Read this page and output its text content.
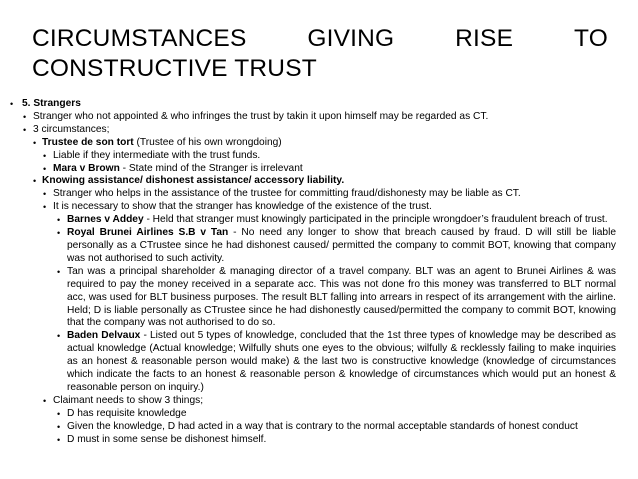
CIRCUMSTANCES GIVING RISE TO
CONSTRUCTIVE TRUST
• 5. Strangers
• Stranger who not appointed & who infringes the trust by takin it upon himself may be regarded as CT.
• 3 circumstances;
• Trustee de son tort (Trustee of his own wrongdoing)
• Liable if they intermediate with the trust funds.
• Mara v Brown - State mind of the Stranger is irrelevant
• Knowing assistance/ dishonest assistance/ accessory liability.
• Stranger who helps in the assistance of the trustee for committing fraud/dishonesty may be liable as CT.
• It is necessary to show that the stranger has knowledge of the existence of the trust.
• Barnes v Addey - Held that stranger must knowingly participated in the principle wrongdoer’s fraudulent breach of trust.
• Royal Brunei Airlines S.B v Tan - No need any longer to show that breach caused by fraud. D will still be liable personally as a CTrustee since he had dishonest caused/ permitted the company to commit BOT, knowing that company was not authorised to such activity.
• Tan was a principal shareholder & managing director of a travel company. BLT was an agent to Brunei Airlines & was required to pay the money received in a separate acc. This was not done fro this money was transferred to BLT normal acc, was used for BLT business purposes. The result BLT falling into arrears in respect of its arrangement with the airline. Held; D is liable personally as CTrustee since he had dishonestly caused/permitted the company to commit BOT, knowing that the company was not authorised to do so.
• Baden Delvaux - Listed out 5 types of knowledge, concluded that the 1st three types of knowledge may be described as actual knowledge (Actual knowledge; Wilfully shuts one eyes to the obvious; wilfully & recklessly failing to make inquiries as an honest & reasonable person would make) & the last two is constructive knowledge (knowledge of circumstances which indicate the facts to an honest & reasonable person & knowledge of circumstances which would put an honest & reasonable person on inquiry.)
• Claimant needs to show 3 things;
• D has requisite knowledge
• Given the knowledge, D had acted in a way that is contrary to the normal acceptable standards of honest conduct
• D must in some sense be dishonest himself.
